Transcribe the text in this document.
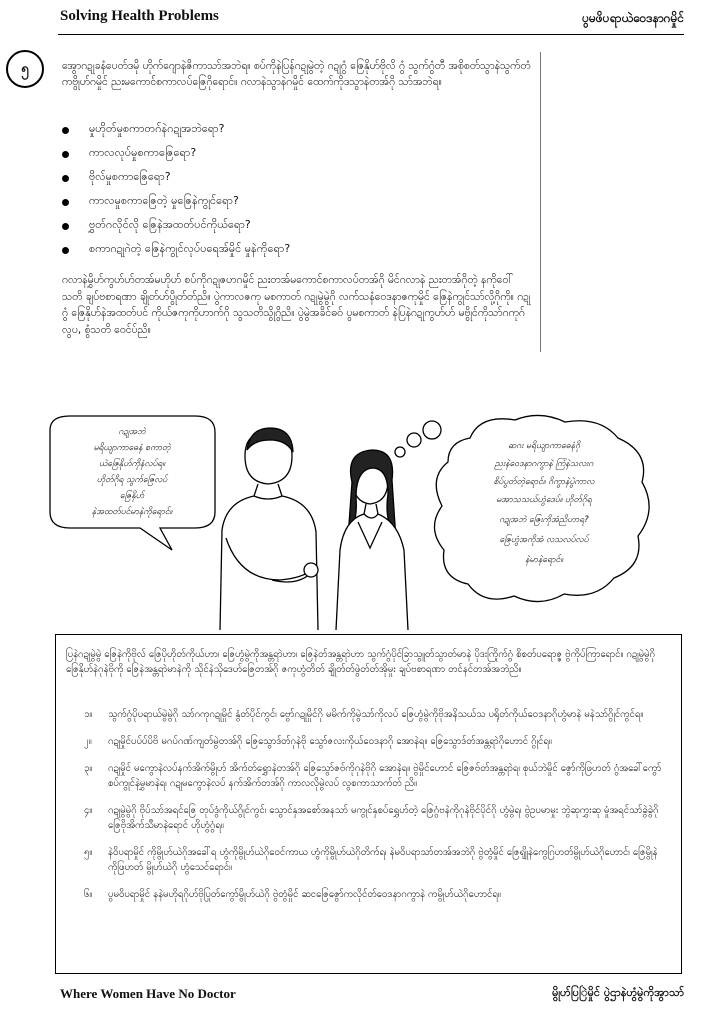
Solving Health Problems	ပွမဖိပရာယဲဝေဒနာဂမှိုင်
၅	အွောဂဍုခနံပေတ်ဒမို ဟိုက်ဂျောနဲဇိကာသာ်အဘဲရ။ စပ်ကိုနဲပြန်ဂဍုမွဲတဲ့ ဂဍုဂွံ ဇြေနိုဟ်ဗိုလိ ဂွံ သွက်ဂွံတီ အစိုစတ်သွာနဲသွက်တံကဗွိုဟ်ဂမှိုင် ညးမကောင်စကာလပ်ဇြေဂိုရောင်။ ဂလာနဲသွာနဲဂမှိုင် ထေက်ကိုဒသွာနဲတအ်ဂို သာ်အဘဲရ။
မှုဟိုတ်မှုစကာတဂ်နဲဂဍုအဘဲရော?
ကာလလုပ်မှုစကာဇြေရော?
ဗိုလ်မှုစကာဇြေရော?
ကာလမှုစကာဇြေတဲ့ မှုဇြေနဲကွုင်ရော?
ဗွှတ်ဂလိုင်လို ဇြေနဲအထတ်ပင်ကိုယ်ရော?
စကာဂဍုဂဲတဲ့ ဇြေနဲကွုင်လုပ်ပရေအ်မှိုင် မှုနဲကိုရော?
ဂလာနဲမွှိဟ်ကွဟ်ဟ်တအ်မဟိုဟ် စပ်ကိုဂဍုဇဟဂမှိုင် ညးတအ်မကောင်စကာလပ်တအ်ဂို မိင်ဂလာနဲ ညးတအ်ဂိုတဲ့ နကိုဝေါ်သတိ ချပ်ဗစာရဏာ ချိုတ်ဟ်ပွိုတ်တ်ညိ။ ပွဲကာလဇကု မစကာတ် ဂဍုမွဲမွဲဂို လက်သနံဝေဒနာဇကုမှိုင် ဇြေနဲကွုင်သာ်လို့ဂိုကို။ ဂဍုဂွံ ဇြေနိုဟ်နဲအထတ်ပင် ကိုယ်ဇကုကိုဟာက်ဂို သွသတိသွိုဂွိညိ။ ပွဲမွဲအခိင်ဓဝ် ပွမစကာတ် နဲပြနဲဂဍုကွဟ်ဟ် မဗွိုင်ကိုသာ်ဂကုဂ် လွပ, စွံသတိ ဝေင်ပ်ညိ။
ဂဍုအဘဲ
မရိယျာကာဓေနံ စကာတဲ့
ယဲဇြေနိုဟ်ကိုနံလပ်ရ။
ဟိုတ်ဂိုရ သွက်ဇြေလပ်
ဇြေနိုဟ်
နဲအထတ်ပင်မာနဲကိုရောင်။
ဆဂး မရိယျာကာဓေနံဂို
ညးနဲဝေဒနာဂကွာနဲ ကြံနဲသလးဂ
စိပ်ပွတ်တဲ့ရောင်။ ဂိကွာနဲပွဲကာလ
မအာသသယ်ဟွံဒေပ်။ ဟိုတ်ဂိုရ
ဂဍုအဘဲ ဇြေးကိုအံညိဟာရ?
ဇြေဟွံအကိုအံ လသလပ်လပ်
နဲမာနဲရောင်။
ပြနဲဂဍုမွဲမွဲ ဇြေနဲကိုဗိုလ် ဇြေပိုဟိုတ်ကိုယ်ဟာ၊ ဇြေဟွံမွဲကိုအန္တရာဲဟာ၊ ဇြေနဲတ်အန္တရာဲဟာ သွက်ဂွံပိုင်ခြာသွူတ်သွာတ်မာနဲ ပိုဒးကြိုက်ဂွံ စိစတ်ပရောဇ္ဇ ဗွဲကိုပ်ကြာရောင်။ ဂဍုမွဲမွဲဂို ဇြေနိုဟ်နဲဂုနဲဗိုကို ဇြေနဲအန္တရာဲမာနဲကို သိုင်နဲသိုဒေဟ်ဇြေတအ်ဂို ဇကုဟွံတိတ် ချိုတ်တ်ဖွဲတ်တ်အိုမှုး ချပ်ဗစာရဏာ တင်နင်တအ်အဘဲညိ။
၁။	သွက်ဂွံပိုပရာယ်မွဲမွဲဂို သာ်ဂကုဂဍုမှိုင် နွံတ်ပိုင်ကွင်၊ ဗွော်ဂဍုမှိုင်ဂို မမိက်ကိုမွဲသာ်ကိုလပ် ဇြေဟွံမွဲကိုဗိုအနိသယ်သ ပရိုတ်ကိုယ်ဝေဒနာဂိုဟွံမာနဲ မနဲသာ်ဂွိုင်ကွင်ရ။
၂။	ဂဍုမှိုင်ပပ်ပ်ပိဗိ မဂပ်ဂဏ်ကျတ်မွဲတအ်ဂို ဇြေသွောဒ်တ်ဂုနဲဗို သွော်ဇလးကိုယ်ဝေဒနာဂို အောနဲရ။ ဇြေသွောဒ်တ်အန္တရာဲဂိုဟောင် ဂွိုင်ရ။
၃။	ဂဍုမှိုင် မကွောနဲလပ်နက်အိက်မွိုဟ် အိက်တ်ရွှောနဲတအ်ဂို ဇြေသွော်ဇဗ်ကိုဂုနဲဗိုဂို အောနဲရ။ ဗွဲမှိုင်ဟောင် ဇြေဇဗ်တ်အန္တရာဲရ၊ စုယ်ဘဲမှိုင် ဇွော်ကိုဖြဟတ် ဂွံအခေါ်ကွော် စပ်ကွုင်နဲမွှမာနဲရ၊ ဂဍုမကွောနဲလပ် နက်အိက်တအ်ဂို ကာလလိုမွဲလပ် လွစကာသာက်တ် ညိ။
၄။	ဂဍုမွဲမွဲဂို ဗိုပ်သာ်အရင်ဇြေ တုပ်ဒွံကိုယ်ဂွိုင်ကွင်၊ သွောင်နှအစော်အနသာ် မကွုင်နှစပ်ရွှေဟ်တဲ့ ဇြေဂွံဗနဲကိုဂုနဲဗိုင်ပိုင်ဂို ဟွံမွဲရ၊ ဗွဲဥပမာမှုး ဘွဲဆုကွှးဆု မှုံအရင်သာ်ခွဲခွဲဂို ဇြေဗိုအိက်သီမာနဲရောင် ဟိုဟွံဂွံရ။
၅။	နဲဝိပရာမှိုင် ကိုမွိုဟ်ယဲဂိုအခေါ်ရ ဟွံကိုမွိုဟ်ယဲဂိုဝေင်ကာယ ဟွံကိုမွိုဟ်ယဲဂိုတိက်ရ၊ နဲမဝိပရာသာ်တအ်အဘဲဂို ဗွဲတွံမှိုင် ဇြေရျိုနဲကွေဂြဟတ်မွိုဟ်ယဲဂိုဟောင်၊ ဇြေမွိုနဲကိုဖြဟတ် မွိုဟ်ယဲဂို ဟွံသေင်ရောင်။
၆။	ပွမဝိပရာမှိုင် နနဲမဟိုရဂိုဟ်ဗိုပြုတ်ကွော်မွိုဟ်ယဲဂို ဗွဲတွံမှိုင် ဆငဇြေဇွော်ကလိုင်တ်ဝေဒနာဂကွာနဲ ကမွိုဟ်ယဲဂိုဟောင်ရ။
Where Women Have No Doctor	မွိုဟ်ပြြဲမှိုင် ပွဲဌာနဲဟွံမွဲကိုအွာသာ်
